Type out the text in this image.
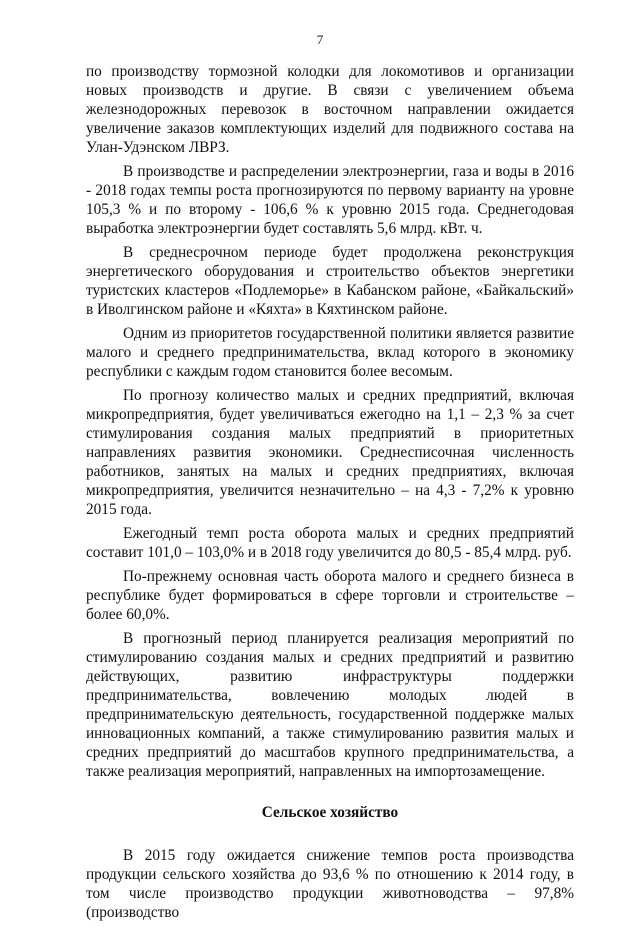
7

по производству тормозной колодки для локомотивов и организации новых производств и другие. В связи с увеличением объема железнодорожных перевозок в восточном направлении ожидается увеличение заказов комплектующих изделий для подвижного состава на Улан-Удэнском ЛВРЗ.

В производстве и распределении электроэнергии, газа и воды в 2016 - 2018 годах темпы роста прогнозируются по первому варианту на уровне 105,3 % и по второму - 106,6 % к уровню 2015 года. Среднегодовая выработка электроэнергии будет составлять 5,6 млрд. кВт. ч.

В среднесрочном периоде будет продолжена реконструкция энергетического оборудования и строительство объектов энергетики туристских кластеров «Подлеморье» в Кабанском районе, «Байкальский» в Иволгинском районе и «Кяхта» в Кяхтинском районе.

Одним из приоритетов государственной политики является развитие малого и среднего предпринимательства, вклад которого в экономику республики с каждым годом становится более весомым.

По прогнозу количество малых и средних предприятий, включая микропредприятия, будет увеличиваться ежегодно на 1,1 – 2,3 % за счет стимулирования создания малых предприятий в приоритетных направлениях развития экономики. Среднесписочная численность работников, занятых на малых и средних предприятиях, включая микропредприятия, увеличится незначительно – на 4,3 - 7,2% к уровню 2015 года.

Ежегодный темп роста оборота малых и средних предприятий составит 101,0 – 103,0% и в 2018 году увеличится до 80,5 - 85,4 млрд. руб.

По-прежнему основная часть оборота малого и среднего бизнеса в республике будет формироваться в сфере торговли и строительстве – более 60,0%.

В прогнозный период планируется реализация мероприятий по стимулированию создания малых и средних предприятий и развитию действующих, развитию инфраструктуры поддержки предпринимательства, вовлечению молодых людей в предпринимательскую деятельность, государственной поддержке малых инновационных компаний, а также стимулированию развития малых и средних предприятий до масштабов крупного предпринимательства, а также реализация мероприятий, направленных на импортозамещение.

Сельское хозяйство

В 2015 году ожидается снижение темпов роста производства продукции сельского хозяйства до 93,6 % по отношению к 2014 году, в том числе производство продукции животноводства – 97,8% (производство
